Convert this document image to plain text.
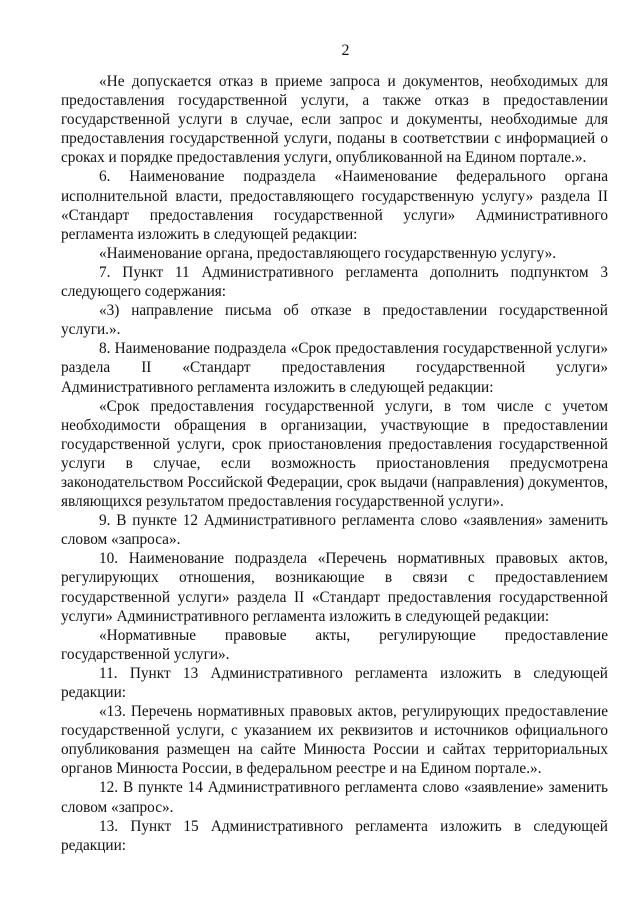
2

«Не допускается отказ в приеме запроса и документов, необходимых для предоставления государственной услуги, а также отказ в предоставлении государственной услуги в случае, если запрос и документы, необходимые для предоставления государственной услуги, поданы в соответствии с информацией о сроках и порядке предоставления услуги, опубликованной на Едином портале.».

6. Наименование подраздела «Наименование федерального органа исполнительной власти, предоставляющего государственную услугу» раздела II «Стандарт предоставления государственной услуги» Административного регламента изложить в следующей редакции:

«Наименование органа, предоставляющего государственную услугу».

7. Пункт 11 Административного регламента дополнить подпунктом 3 следующего содержания:

«3) направление письма об отказе в предоставлении государственной услуги.».

8. Наименование подраздела «Срок предоставления государственной услуги» раздела II «Стандарт предоставления государственной услуги» Административного регламента изложить в следующей редакции:

«Срок предоставления государственной услуги, в том числе с учетом необходимости обращения в организации, участвующие в предоставлении государственной услуги, срок приостановления предоставления государственной услуги в случае, если возможность приостановления предусмотрена законодательством Российской Федерации, срок выдачи (направления) документов, являющихся результатом предоставления государственной услуги».

9. В пункте 12 Административного регламента слово «заявления» заменить словом «запроса».

10. Наименование подраздела «Перечень нормативных правовых актов, регулирующих отношения, возникающие в связи с предоставлением государственной услуги» раздела II «Стандарт предоставления государственной услуги» Административного регламента изложить в следующей редакции:

«Нормативные правовые акты, регулирующие предоставление государственной услуги».

11. Пункт 13 Административного регламента изложить в следующей редакции:

«13. Перечень нормативных правовых актов, регулирующих предоставление государственной услуги, с указанием их реквизитов и источников официального опубликования размещен на сайте Минюста России и сайтах территориальных органов Минюста России, в федеральном реестре и на Едином портале.».

12. В пункте 14 Административного регламента слово «заявление» заменить словом «запрос».

13. Пункт 15 Административного регламента изложить в следующей редакции:
